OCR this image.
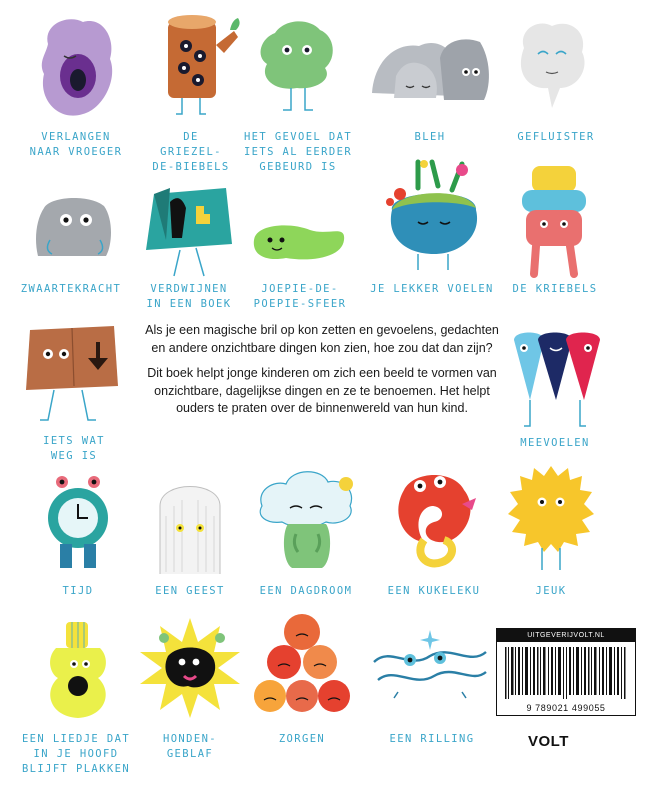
VERLANGEN
NAAR VROEGER
DE
GRIEZEL-
DE-BIEBELS
HET GEVOEL DAT
IETS AL EERDER
GEBEURD IS
BLEH	GEFLUISTER
ZWAARTEKRACHT	VERDWIJNEN
IN EEN BOEK
JOEPIE-DE-
POEPIE-SFEER
JE LEKKER VOELEN	DE KRIEBELS
IETS WAT
WEG IS

Als je een magische bril op kon zetten en gevoelens, gedachten en andere onzichtbare dingen kon zien, hoe zou dat dan zijn?

Dit boek helpt jonge kinderen om zich een beeld te vormen van onzichtbare, dagelijkse dingen en ze te benoemen. Het helpt ouders te praten over de binnenwereld van hun kind.

MEEVOELEN
TIJD	EEN GEEST	EEN DAGDROOM	EEN KUKELEKU	JEUK
EEN LIEDJE DAT
IN JE HOOFD
BLIJFT PLAKKEN
HONDEN-
GEBLAF
ZORGEN	EEN RILLING
UITGEVERIJVOLT.NL
9 789021 499055
VOLT
